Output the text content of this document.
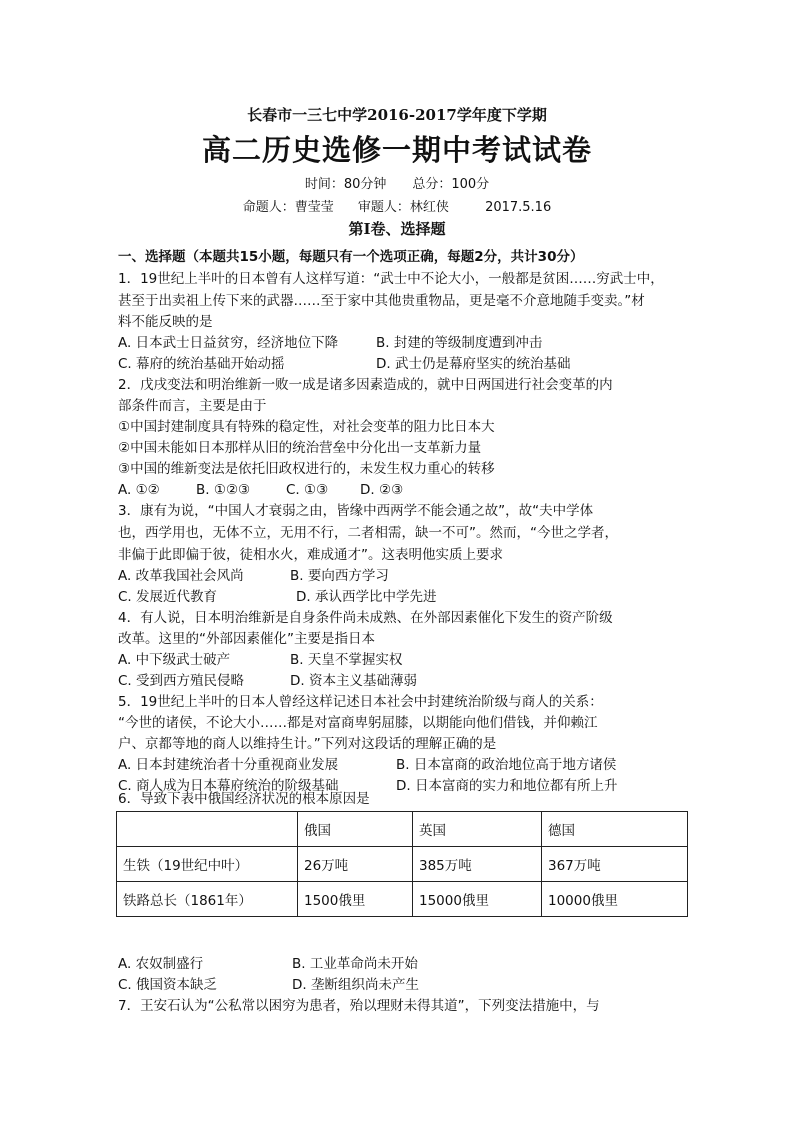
长春市一三七中学2016-2017学年度下学期
高二历史选修一期中考试试卷
时间：80分钟　　总分：100分
命题人：曹莹莹 审题人：林红侠	2017.5.16
第Ⅰ卷、选择题
一、选择题（本题共15小题，每题只有一个选项正确，每题2分，共计30分）
1．19世纪上半叶的日本曾有人这样写道：“武士中不论大小，一般都是贫困……穷武士中，
甚至于出卖祖上传下来的武器……至于家中其他贵重物品，更是毫不介意地随手变卖。”材
料不能反映的是
A. 日本武士日益贫穷，经济地位下降	B. 封建的等级制度遭到冲击
C. 幕府的统治基础开始动摇	D. 武士仍是幕府坚实的统治基础
2．戊戌变法和明治维新一败一成是诸多因素造成的，就中日两国进行社会变革的内
部条件而言，主要是由于
①中国封建制度具有特殊的稳定性，对社会变革的阻力比日本大
②中国未能如日本那样从旧的统治营垒中分化出一支革新力量
③中国的维新变法是依托旧政权进行的，未发生权力重心的转移
A. ①②	B. ①②③	C. ①③ D. ②③
3．康有为说，“中国人才衰弱之由，皆缘中西两学不能会通之故”，故“夫中学体
也，西学用也，无体不立，无用不行，二者相需，缺一不可”。然而，“今世之学者，
非偏于此即偏于彼，徒相水火，难成通才”。这表明他实质上要求
A. 改革我国社会风尚	B. 要向西方学习
C. 发展近代教育	D. 承认西学比中学先进
4．有人说，日本明治维新是自身条件尚未成熟、在外部因素催化下发生的资产阶级
改革。这里的“外部因素催化”主要是指日本
A. 中下级武士破产	B. 天皇不掌握实权
C. 受到西方殖民侵略	D. 资本主义基础薄弱
5．19世纪上半叶的日本人曾经这样记述日本社会中封建统治阶级与商人的关系：
“今世的诸侯，不论大小……都是对富商卑躬屈膝，以期能向他们借钱，并仰赖江
户、京都等地的商人以维持生计。”下列对这段话的理解正确的是
A. 日本封建统治者十分重视商业发展	B. 日本富商的政治地位高于地方诸侯
C. 商人成为日本幕府统治的阶级基础	D. 日本富商的实力和地位都有所上升
6．导致下表中俄国经济状况的根本原因是
	俄国	英国	德国
生铁（19世纪中叶）	26万吨	385万吨	367万吨
铁路总长（1861年）	1500俄里	15000俄里	10000俄里
A. 农奴制盛行	B. 工业革命尚未开始
C. 俄国资本缺乏	D. 垄断组织尚未产生
7．王安石认为“公私常以困穷为患者，殆以理财未得其道”，下列变法措施中，与
